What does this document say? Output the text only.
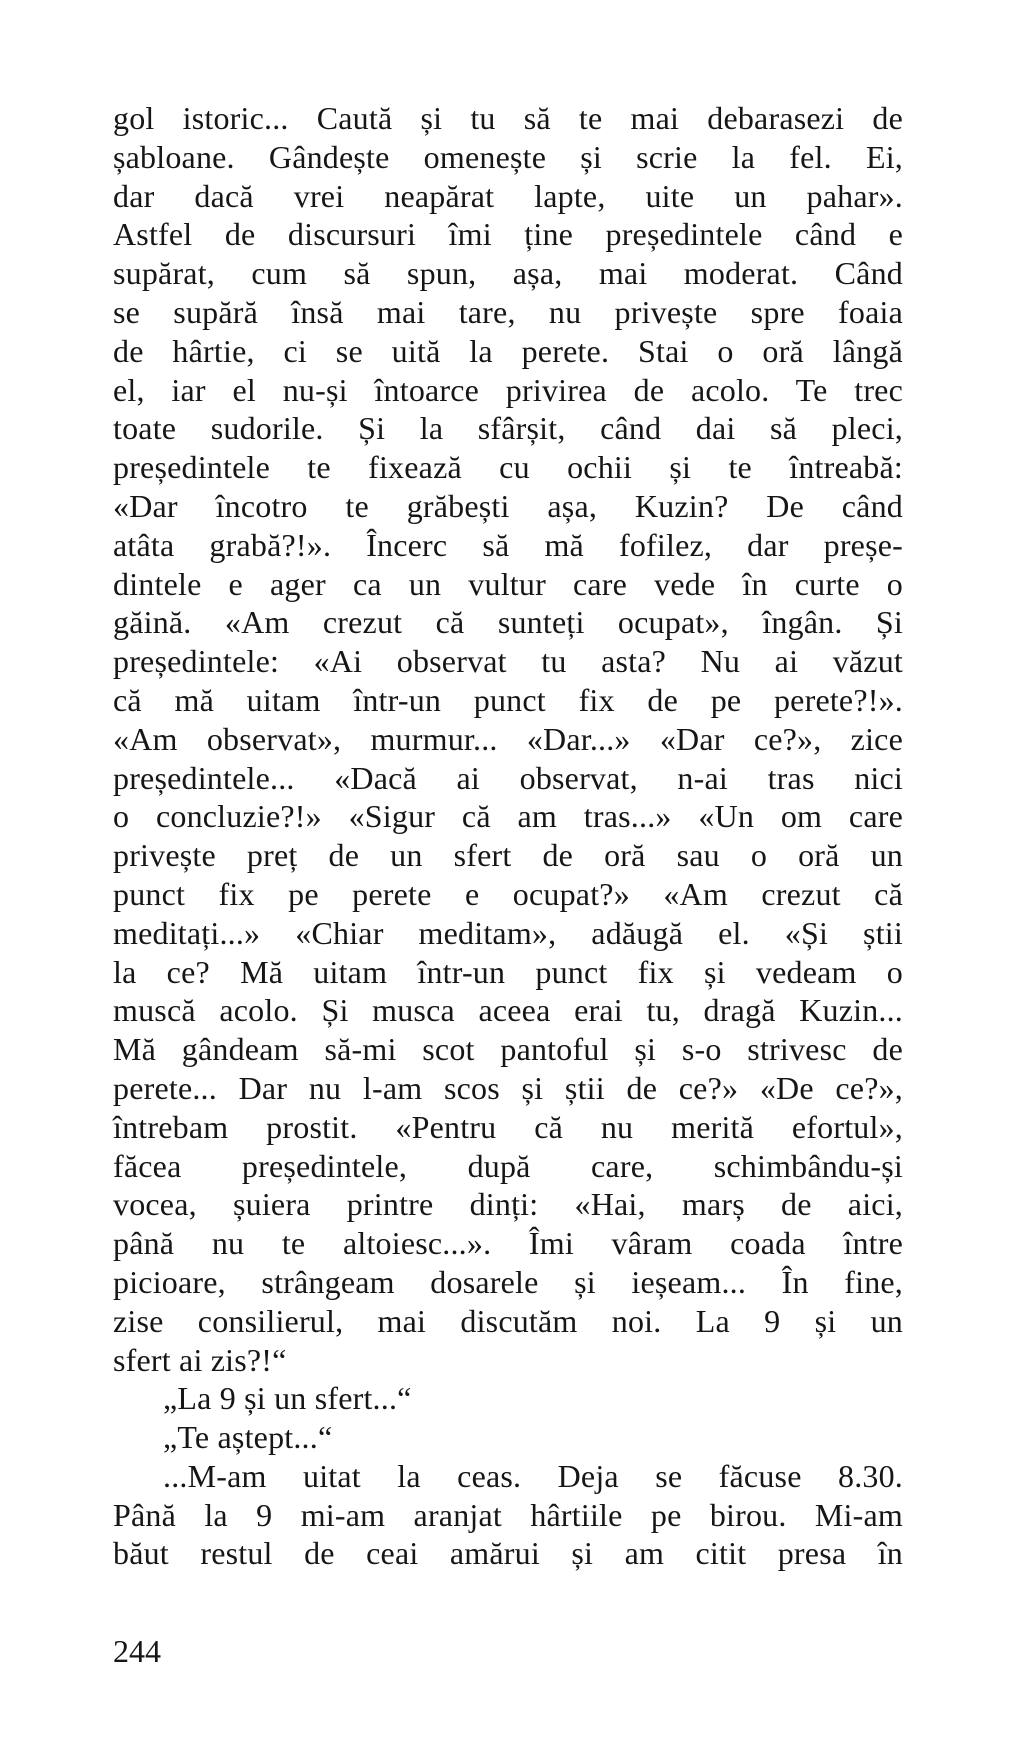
gol istoric... Caută și tu să te mai debarasezi de
șabloane. Gândește omenește și scrie la fel. Ei,
dar dacă vrei neapărat lapte, uite un pahar».
Astfel de discursuri îmi ține președintele când e
supărat, cum să spun, așa, mai moderat. Când
se supără însă mai tare, nu privește spre foaia
de hârtie, ci se uită la perete. Stai o oră lângă
el, iar el nu-și întoarce privirea de acolo. Te trec
toate sudorile. Și la sfârșit, când dai să pleci,
președintele te fixează cu ochii și te întreabă:
«Dar încotro te grăbești așa, Kuzin? De când
atâta grabă?!». Încerc să mă fofilez, dar preșe-
dintele e ager ca un vultur care vede în curte o
găină. «Am crezut că sunteți ocupat», îngân. Și
președintele: «Ai observat tu asta? Nu ai văzut
că mă uitam într-un punct fix de pe perete?!».
«Am observat», murmur... «Dar...» «Dar ce?», zice
președintele... «Dacă ai observat, n-ai tras nici
o concluzie?!» «Sigur că am tras...» «Un om care
privește preț de un sfert de oră sau o oră un
punct fix pe perete e ocupat?» «Am crezut că
meditați...» «Chiar meditam», adăugă el. «Și știi
la ce? Mă uitam într-un punct fix și vedeam o
muscă acolo. Și musca aceea erai tu, dragă Kuzin...
Mă gândeam să-mi scot pantoful și s-o strivesc de
perete... Dar nu l-am scos și știi de ce?» «De ce?»,
întrebam prostit. «Pentru că nu merită efortul»,
făcea președintele, după care, schimbându-și
vocea, șuiera printre dinți: «Hai, marș de aici,
până nu te altoiesc...». Îmi vâram coada între
picioare, strângeam dosarele și ieșeam... În fine,
zise consilierul, mai discutăm noi. La 9 și un
sfert ai zis?!“
„La 9 și un sfert...“
„Te aștept...“
...M-am uitat la ceas. Deja se făcuse 8.30.
Până la 9 mi-am aranjat hârtiile pe birou. Mi-am
băut restul de ceai amărui și am citit presa în
244
